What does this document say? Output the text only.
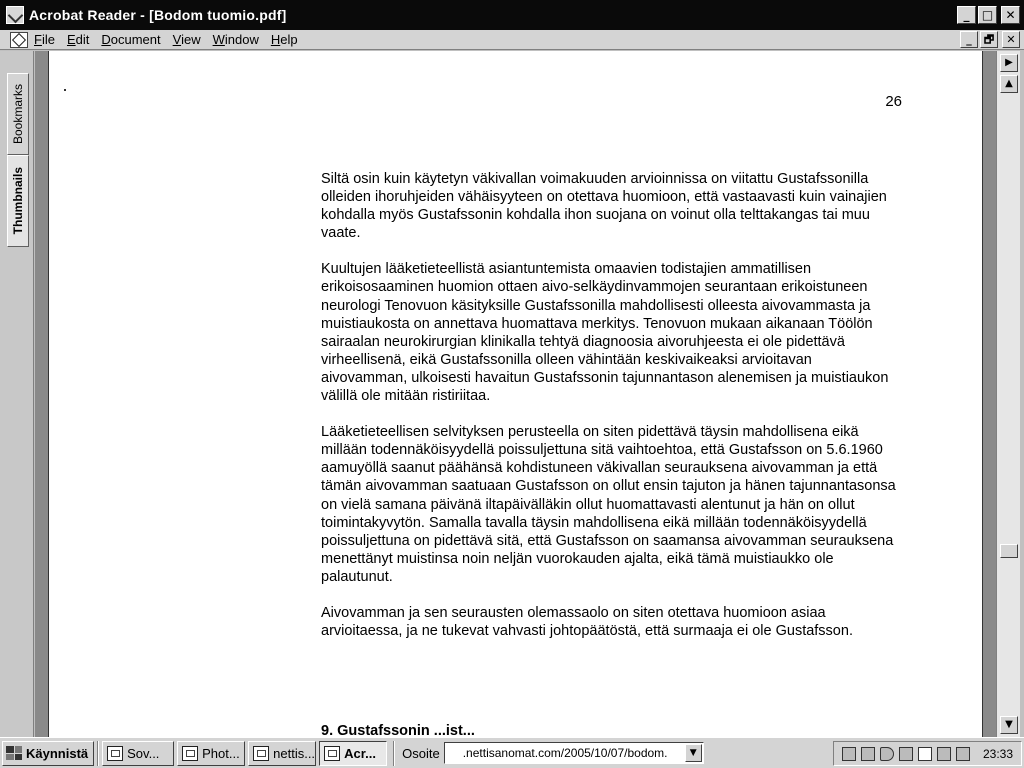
Acrobat Reader - [Bodom tuomio.pdf]	_	□	✕
File Edit Document View Window Help	_	🗗	✕
Bookmarks
Thumbnails
26

Siltä osin kuin käytetyn väkivallan voimakuuden arvioinnissa on viitattu Gustafssonilla olleiden ihoruhjeiden vähäisyyteen on otettava huomioon, että vastaavasti kuin vainajien kohdalla myös Gustafssonin kohdalla ihon suojana on voinut olla telttakangas tai muu vaate.

Kuultujen lääketieteellistä asiantuntemista omaavien todistajien ammatillisen erikoisosaaminen huomion ottaen aivo-selkäydinvammojen seurantaan erikoistuneen neurologi Tenovuon käsityksille Gustafssonilla mahdollisesti olleesta aivovammasta ja muistiaukosta on annettava huomattava merkitys. Tenovuon mukaan aikanaan Töölön sairaalan neurokirurgian klinikalla tehtyä diagnoosia aivoruhjeesta ei ole pidettävä virheellisenä, eikä Gustafssonilla olleen vähintään keskivaikeaksi arvioitavan aivovamman, ulkoisesti havaitun Gustafssonin tajunnantason alenemisen ja muistiaukon välillä ole mitään ristiriitaa.

Lääketieteellisen selvityksen perusteella on siten pidettävä täysin mahdollisena eikä millään todennäköisyydellä poissuljettuna sitä vaihtoehtoa, että Gustafsson on 5.6.1960 aamuyöllä saanut päähänsä kohdistuneen väkivallan seurauksena aivovamman ja että tämän aivovamman saatuaan Gustafsson on ollut ensin tajuton ja hänen tajunnantasonsa on vielä samana päivänä iltapäivälläkin ollut huomattavasti alentunut ja hän on ollut toimintakyvytön. Samalla tavalla täysin mahdollisena eikä millään todennäköisyydellä poissuljettuna on pidettävä sitä, että Gustafsson on saamansa aivovamman seurauksena menettänyt muistinsa noin neljän vuorokauden ajalta, eikä tämä muistiaukko ole palautunut.

Aivovamman ja sen seurausten olemassaolo on siten otettava huomioon asiaa arvioitaessa, ja ne tukevat vahvasti johtopäätöstä, että surmaaja ei ole Gustafsson.

9. Gustafssonin ...ist...
▶
▲
▼
Käynnistä	Sov...	Phot...	nettis... Acr... Osoite .nettisanomat.com/2005/10/07/bodom.	▼	23:33
